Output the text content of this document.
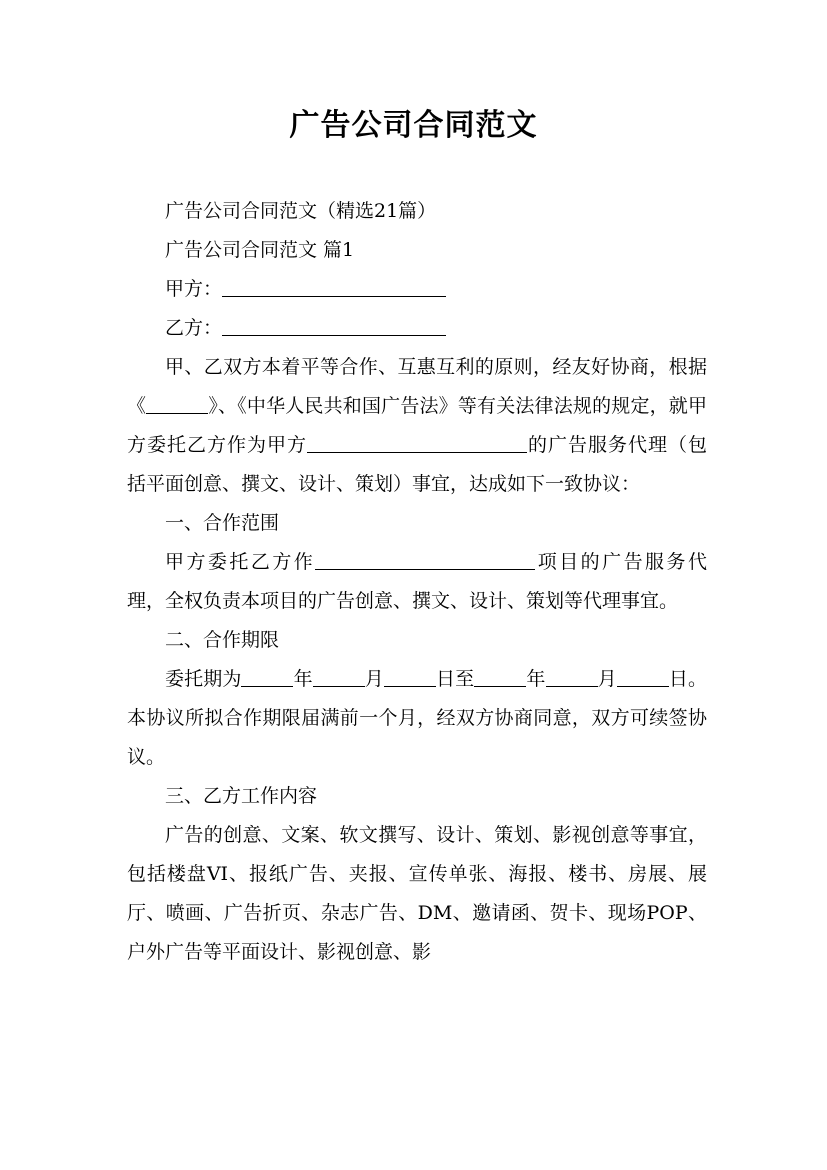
广告公司合同范文

广告公司合同范文（精选21篇）

广告公司合同范文 篇1

甲方：

乙方：

甲、乙双方本着平等合作、互惠互利的原则，经友好协商，根据《	》、《中华人民共和国广告法》等有关法律法规的规定，就甲方委托乙方作为甲方	的广告服务代理（包括平面创意、撰文、设计、策划）事宜，达成如下一致协议：

一、合作范围

甲方委托乙方作	项目的广告服务代理，全权负责本项目的广告创意、撰文、设计、策划等代理事宜。

二、合作期限

委托期为	年	月	日至	年	月	日。本协议所拟合作期限届满前一个月，经双方协商同意，双方可续签协议。

三、乙方工作内容

广告的创意、文案、软文撰写、设计、策划、影视创意等事宜，包括楼盘VI、报纸广告、夹报、宣传单张、海报、楼书、房展、展厅、喷画、广告折页、杂志广告、DM、邀请函、贺卡、现场POP、户外广告等平面设计、影视创意、影
